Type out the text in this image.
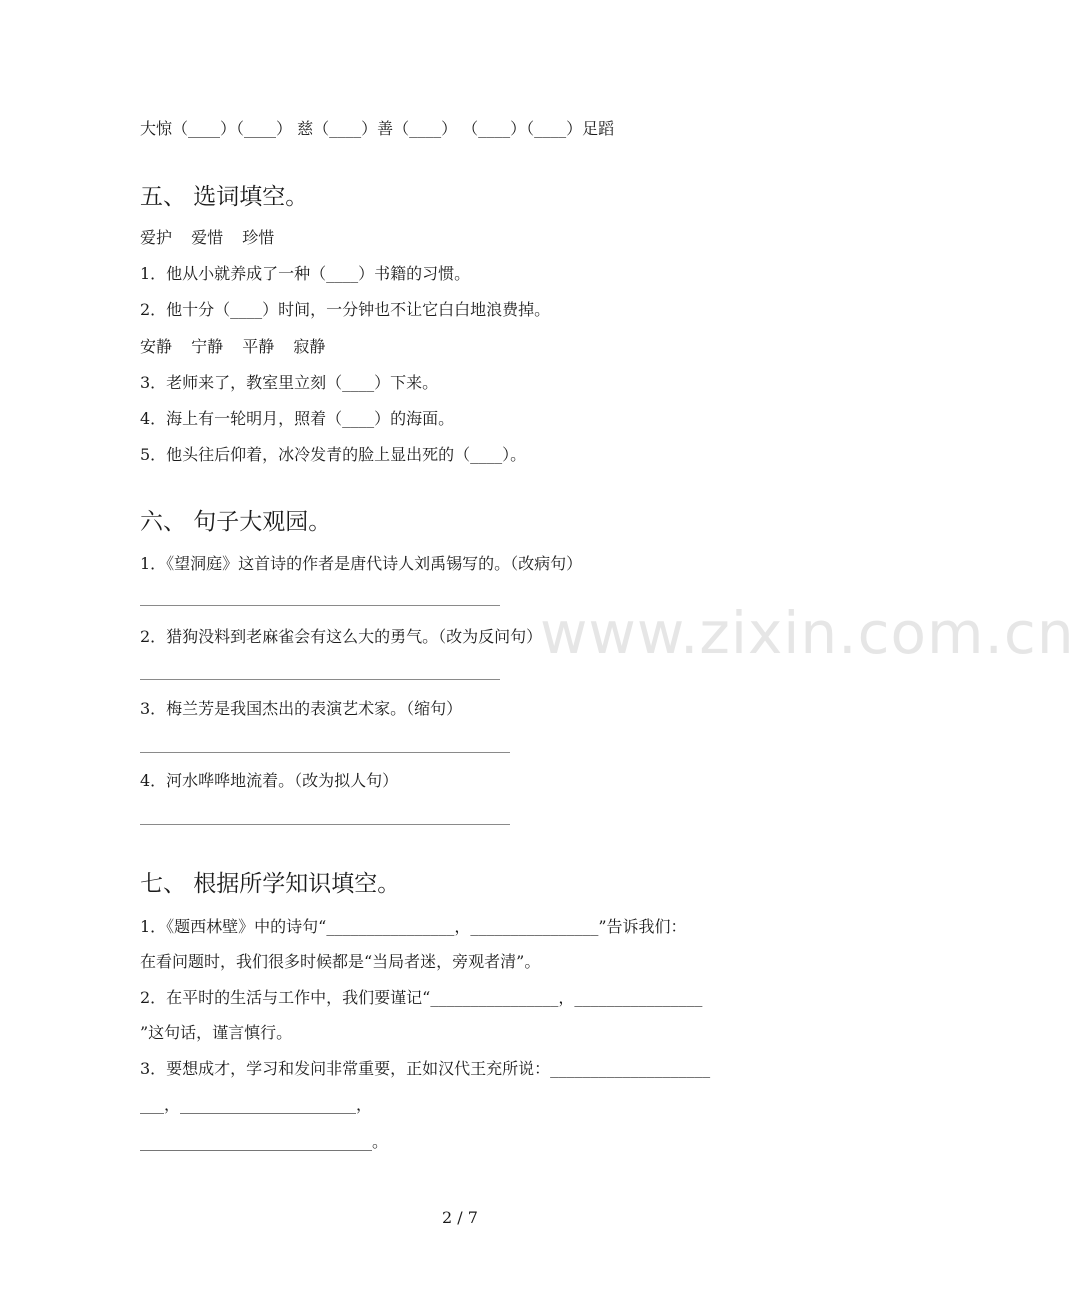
大惊（____）（____） 慈（____）善（____） （____）（____）足蹈
五、 选词填空。
爱护 爱惜 珍惜
1．他从小就养成了一种（____）书籍的习惯。
2．他十分（____）时间，一分钟也不让它白白地浪费掉。
安静 宁静 平静 寂静
3．老师来了，教室里立刻（____）下来。
4．海上有一轮明月，照着（____）的海面。
5．他头往后仰着，冰冷发青的脸上显出死的（____）。
六、 句子大观园。
1．《望洞庭》这首诗的作者是唐代诗人刘禹锡写的。（改病句）
2．猎狗没料到老麻雀会有这么大的勇气。（改为反问句）
3．梅兰芳是我国杰出的表演艺术家。（缩句）
4．河水哗哗地流着。（改为拟人句）
七、 根据所学知识填空。
1．《题西林壁》中的诗句“________________，________________”告诉我们：
在看问题时，我们很多时候都是“当局者迷，旁观者清”。
2．在平时的生活与工作中，我们要谨记“________________，________________
”这句话，谨言慎行。
3．要想成才，学习和发问非常重要，正如汉代王充所说：____________________
___，______________________，
_____________________________。
www.zixin.com.cn
2 / 7
